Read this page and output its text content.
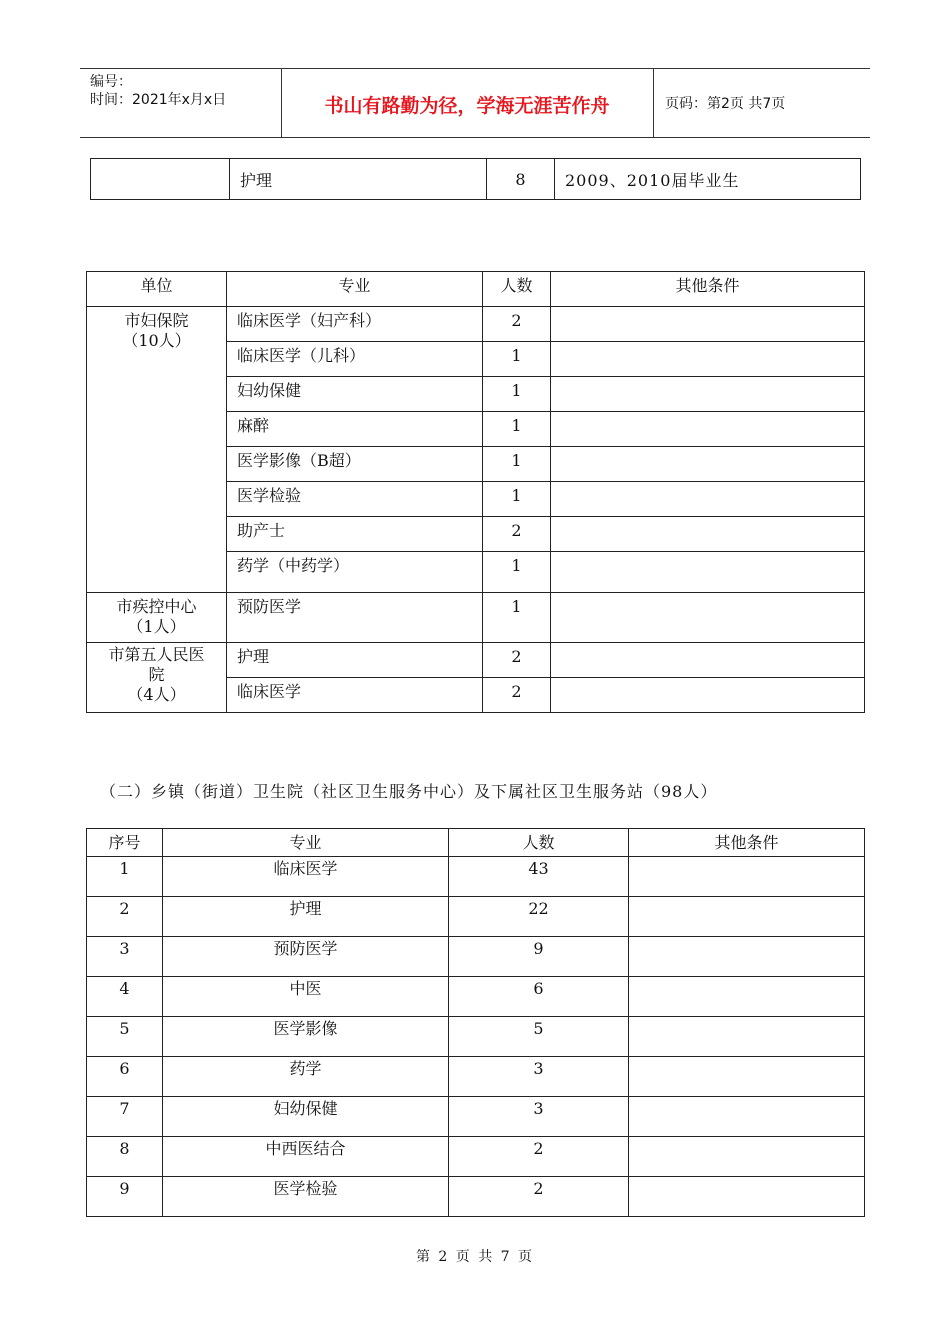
编号：
时间：2021年x月x日	书山有路勤为径，学海无涯苦作舟	页码：第2页 共7页
	护理	8	2009、2010届毕业生
单位	专业	人数	其他条件

市妇保院
（10人）	临床医学（妇产科）	2	
	临床医学（儿科）	1	
	妇幼保健	1	
	麻醉	1	
	医学影像（B超）	1	
	医学检验	1	
	助产士	2	
	药学（中药学）	1	

市疾控中心
（1人）	预防医学	1	

市第五人民医
院
（4人）	护理	2	
	临床医学	2	
（二）乡镇（街道）卫生院（社区卫生服务中心）及下属社区卫生服务站（98人）
序号	专业	人数	其他条件
1	临床医学	43	
2	护理	22	
3	预防医学	9	
4	中医	6	
5	医学影像	5	
6	药学	3	
7	妇幼保健	3	
8	中西医结合	2	
9	医学检验	2	
第 2 页 共 7 页
